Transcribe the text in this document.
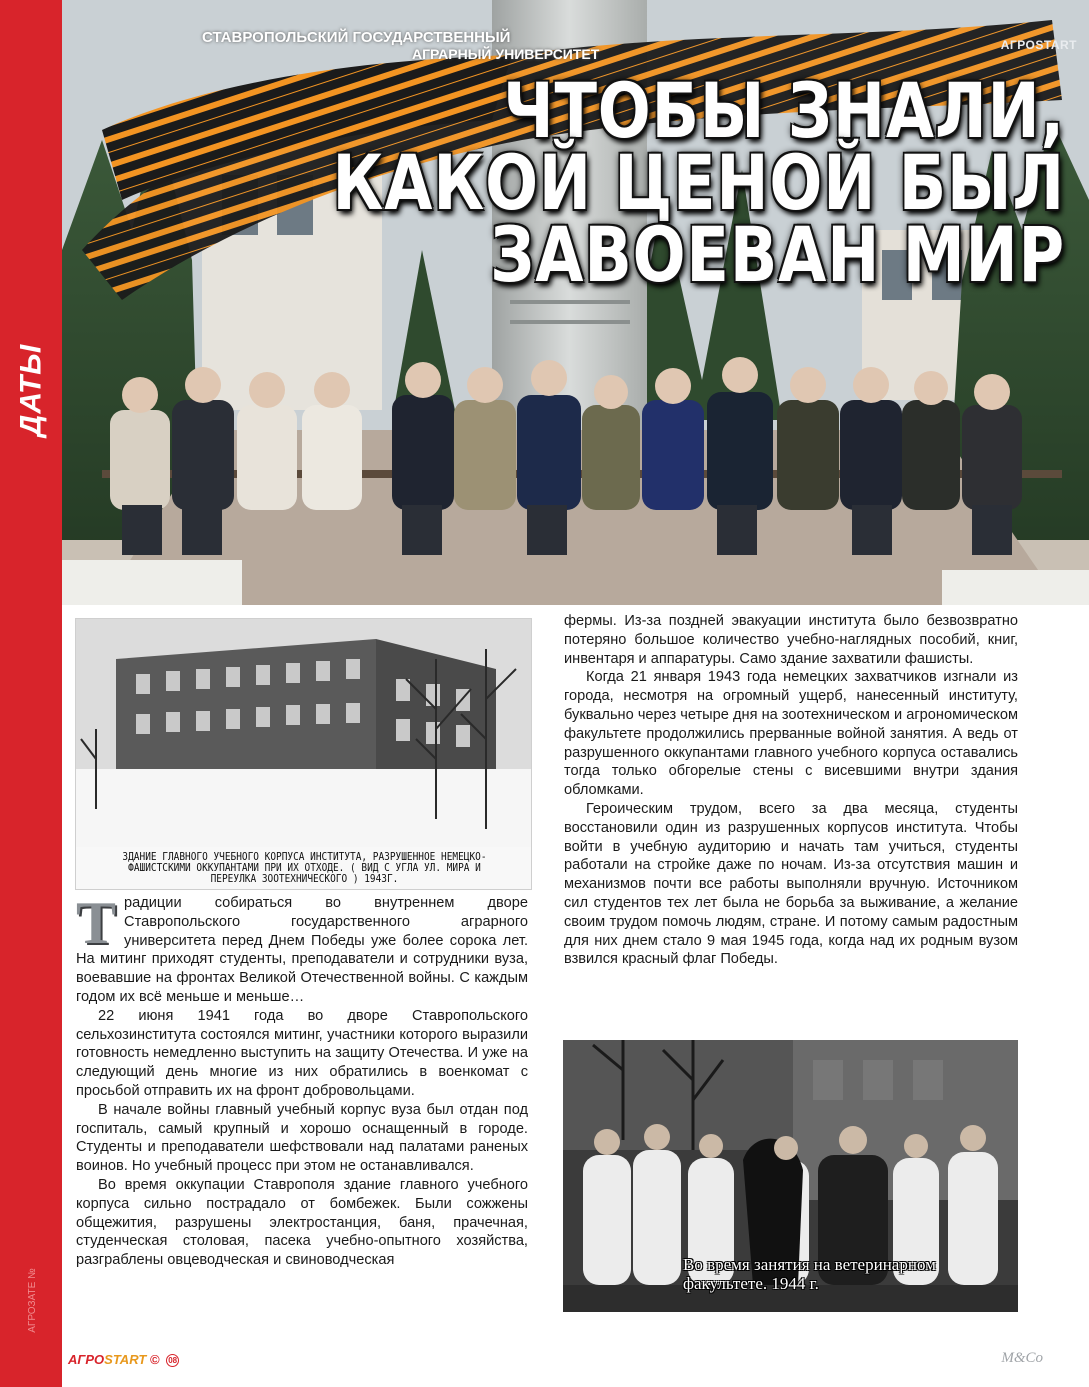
ДАТЫ
АГРОЗАТЕ №
СТАВРОПОЛЬСКИЙ ГОСУДАРСТВЕННЫЙ
АГРАРНЫЙ УНИВЕРСИТЕТ
АГРОSTART
ЧТОБЫ ЗНАЛИ,
КАКОЙ ЦЕНОЙ БЫЛ
ЗАВОЕВАН МИР
ЗДАНИЕ ГЛАВНОГО УЧЕБНОГО КОРПУСА ИНСТИТУТА, РАЗРУШЕННОЕ НЕМЕЦКО-ФАШИСТСКИМИ ОККУПАНТАМИ ПРИ ИХ ОТХОДЕ. ( ВИД С УГЛА УЛ. МИРА И ПЕРЕУЛКА ЗООТЕХНИЧЕСКОГО ) 1943Г.

Традиции собираться во внутреннем дворе Ставропольского государственного аграрного университета перед Днем Победы уже более сорока лет. На митинг приходят студенты, преподаватели и сотрудники вуза, воевавшие на фронтах Великой Отечественной войны. С каждым годом их всё меньше и меньше…

22 июня 1941 года во дворе Ставропольского сельхозинститута состоялся митинг, участники которого выразили готовность немедленно выступить на защиту Отечества. И уже на следующий день многие из них обратились в военкомат с просьбой отправить их на фронт добровольцами.

В начале войны главный учебный корпус вуза был отдан под госпиталь, самый крупный и хорошо оснащенный в городе. Студенты и преподаватели шефствовали над палатами раненых воинов. Но учебный процесс при этом не останавливался.

Во время оккупации Ставрополя здание главного учебного корпуса сильно пострадало от бомбежек. Были сожжены общежития, разрушены электростанция, баня, прачечная, студенческая столовая, пасека учебно-опытного хозяйства, разграблены овцеводческая и свиноводческая

фермы. Из-за поздней эвакуации института было безвозвратно потеряно большое количество учебно-наглядных пособий, книг, инвентаря и аппаратуры. Само здание захватили фашисты.

Когда 21 января 1943 года немецких захватчиков изгнали из города, несмотря на огромный ущерб, нанесенный институту, буквально через четыре дня на зоотехническом и агрономическом факультете продолжились прерванные войной занятия. А ведь от разрушенного оккупантами главного учебного корпуса оставались тогда только обгорелые стены с висевшими внутри здания обломками.

Героическим трудом, всего за два месяца, студенты восстановили один из разрушенных корпусов института. Чтобы войти в учебную аудиторию и начать там учиться, студенты работали на стройке даже по ночам. Из-за отсутствия машин и механизмов почти все работы выполняли вручную. Источником сил студентов тех лет была не борьба за выживание, а желание своим трудом помочь людям, стране. И потому самым радостным для них днем стало 9 мая 1945 года, когда над их родным вузом взвился красный флаг Победы.

Во время занятия на ветеринарном факультете. 1944 г.
АГРОSTART © 08	M&Co
